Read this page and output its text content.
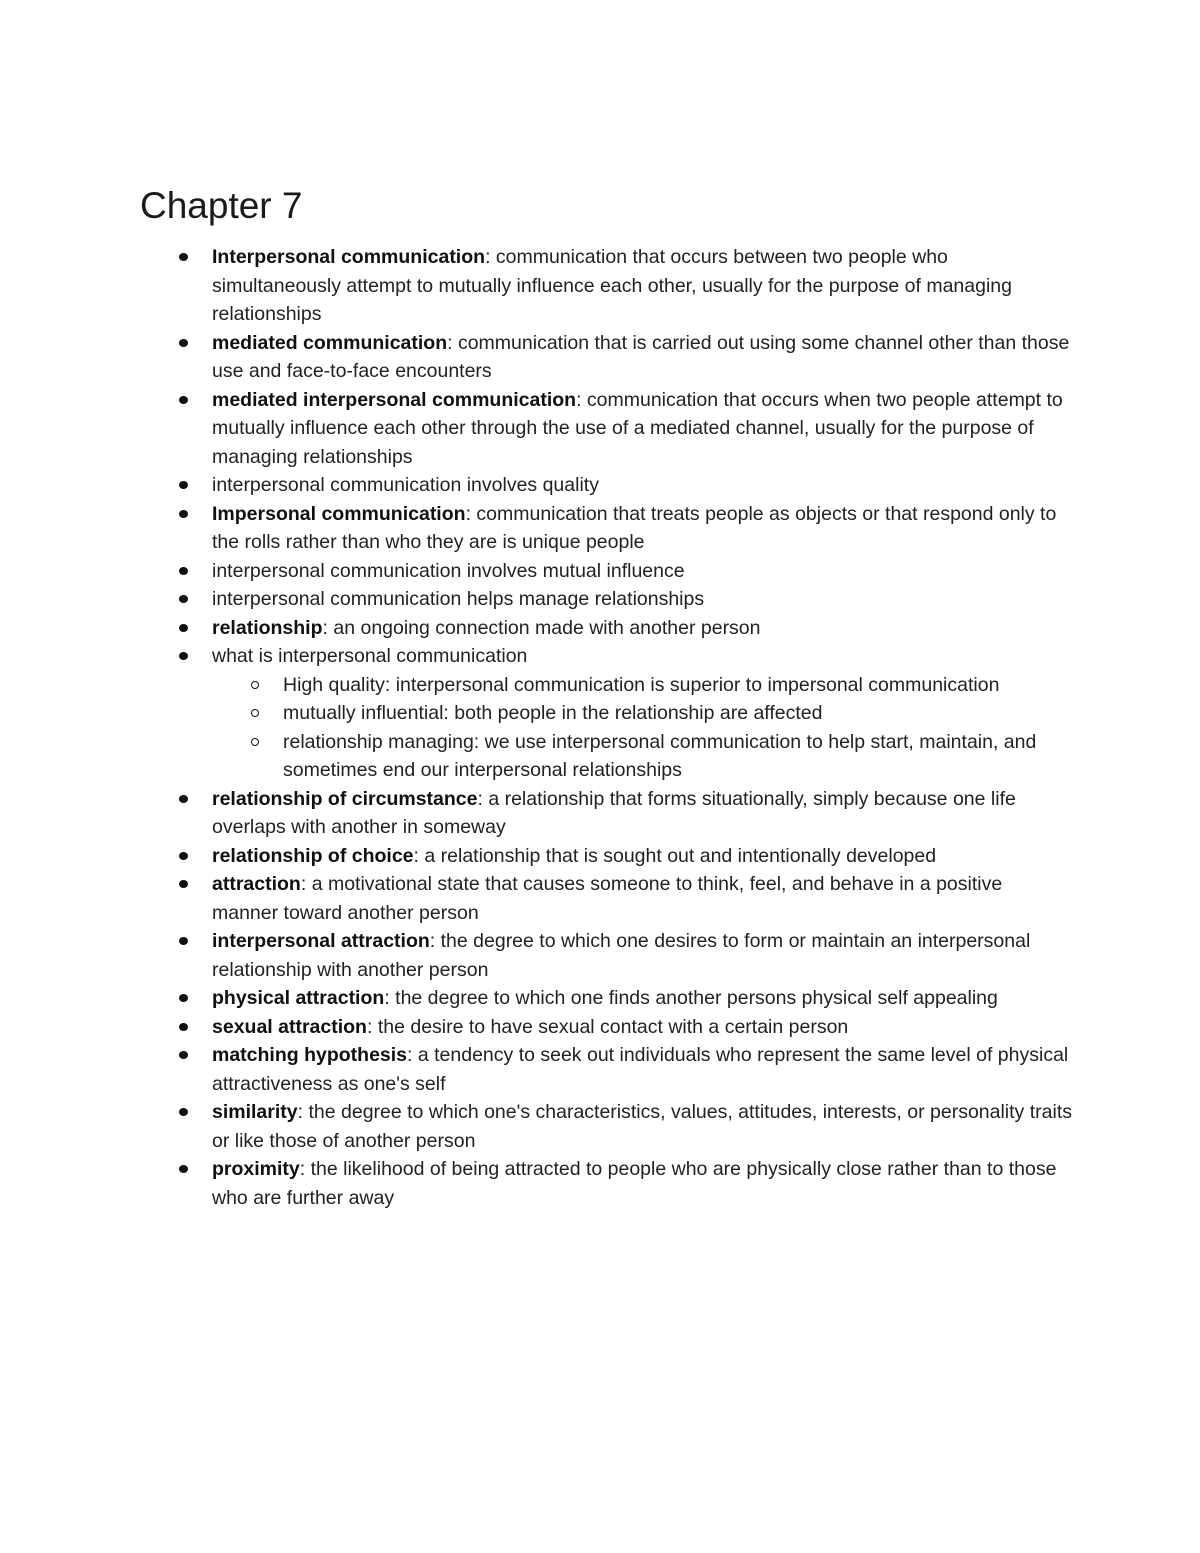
Chapter 7
Interpersonal communication: communication that occurs between two people who simultaneously attempt to mutually influence each other, usually for the purpose of managing relationships
mediated communication: communication that is carried out using some channel other than those use and face-to-face encounters
mediated interpersonal communication: communication that occurs when two people attempt to mutually influence each other through the use of a mediated channel, usually for the purpose of managing relationships
interpersonal communication involves quality
Impersonal communication: communication that treats people as objects or that respond only to the rolls rather than who they are is unique people
interpersonal communication involves mutual influence
interpersonal communication helps manage relationships
relationship: an ongoing connection made with another person
what is interpersonal communication
High quality: interpersonal communication is superior to impersonal communication
mutually influential: both people in the relationship are affected
relationship managing: we use interpersonal communication to help start, maintain, and sometimes end our interpersonal relationships
relationship of circumstance: a relationship that forms situationally, simply because one life overlaps with another in someway
relationship of choice: a relationship that is sought out and intentionally developed
attraction: a motivational state that causes someone to think, feel, and behave in a positive manner toward another person
interpersonal attraction: the degree to which one desires to form or maintain an interpersonal relationship with another person
physical attraction: the degree to which one finds another persons physical self appealing
sexual attraction: the desire to have sexual contact with a certain person
matching hypothesis: a tendency to seek out individuals who represent the same level of physical attractiveness as one's self
similarity: the degree to which one's characteristics, values, attitudes, interests, or personality traits or like those of another person
proximity: the likelihood of being attracted to people who are physically close rather than to those who are further away
